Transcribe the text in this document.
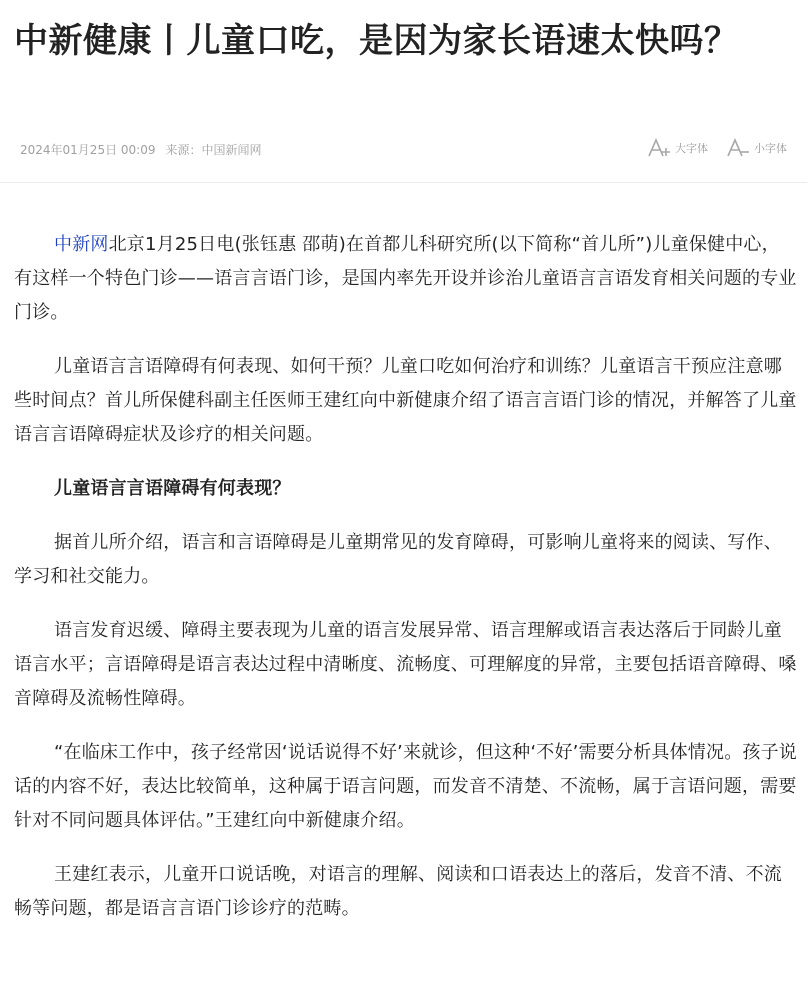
中新健康丨儿童口吃，是因为家长语速太快吗？
2024年01月25日 00:09 来源：中国新闻网	大字体	小字体

中新网北京1月25日电(张钰惠 邵萌)在首都儿科研究所(以下简称“首儿所”)儿童保健中心，有这样一个特色门诊——语言言语门诊，是国内率先开设并诊治儿童语言言语发育相关问题的专业门诊。

儿童语言言语障碍有何表现、如何干预？儿童口吃如何治疗和训练？儿童语言干预应注意哪些时间点？首儿所保健科副主任医师王建红向中新健康介绍了语言言语门诊的情况，并解答了儿童语言言语障碍症状及诊疗的相关问题。

儿童语言言语障碍有何表现？

据首儿所介绍，语言和言语障碍是儿童期常见的发育障碍，可影响儿童将来的阅读、写作、学习和社交能力。

语言发育迟缓、障碍主要表现为儿童的语言发展异常、语言理解或语言表达落后于同龄儿童语言水平；言语障碍是语言表达过程中清晰度、流畅度、可理解度的异常，主要包括语音障碍、嗓音障碍及流畅性障碍。

“在临床工作中，孩子经常因‘说话说得不好’来就诊，但这种‘不好’需要分析具体情况。孩子说话的内容不好，表达比较简单，这种属于语言问题，而发音不清楚、不流畅，属于言语问题，需要针对不同问题具体评估。”王建红向中新健康介绍。

王建红表示，儿童开口说话晚，对语言的理解、阅读和口语表达上的落后，发音不清、不流畅等问题，都是语言言语门诊诊疗的范畴。
